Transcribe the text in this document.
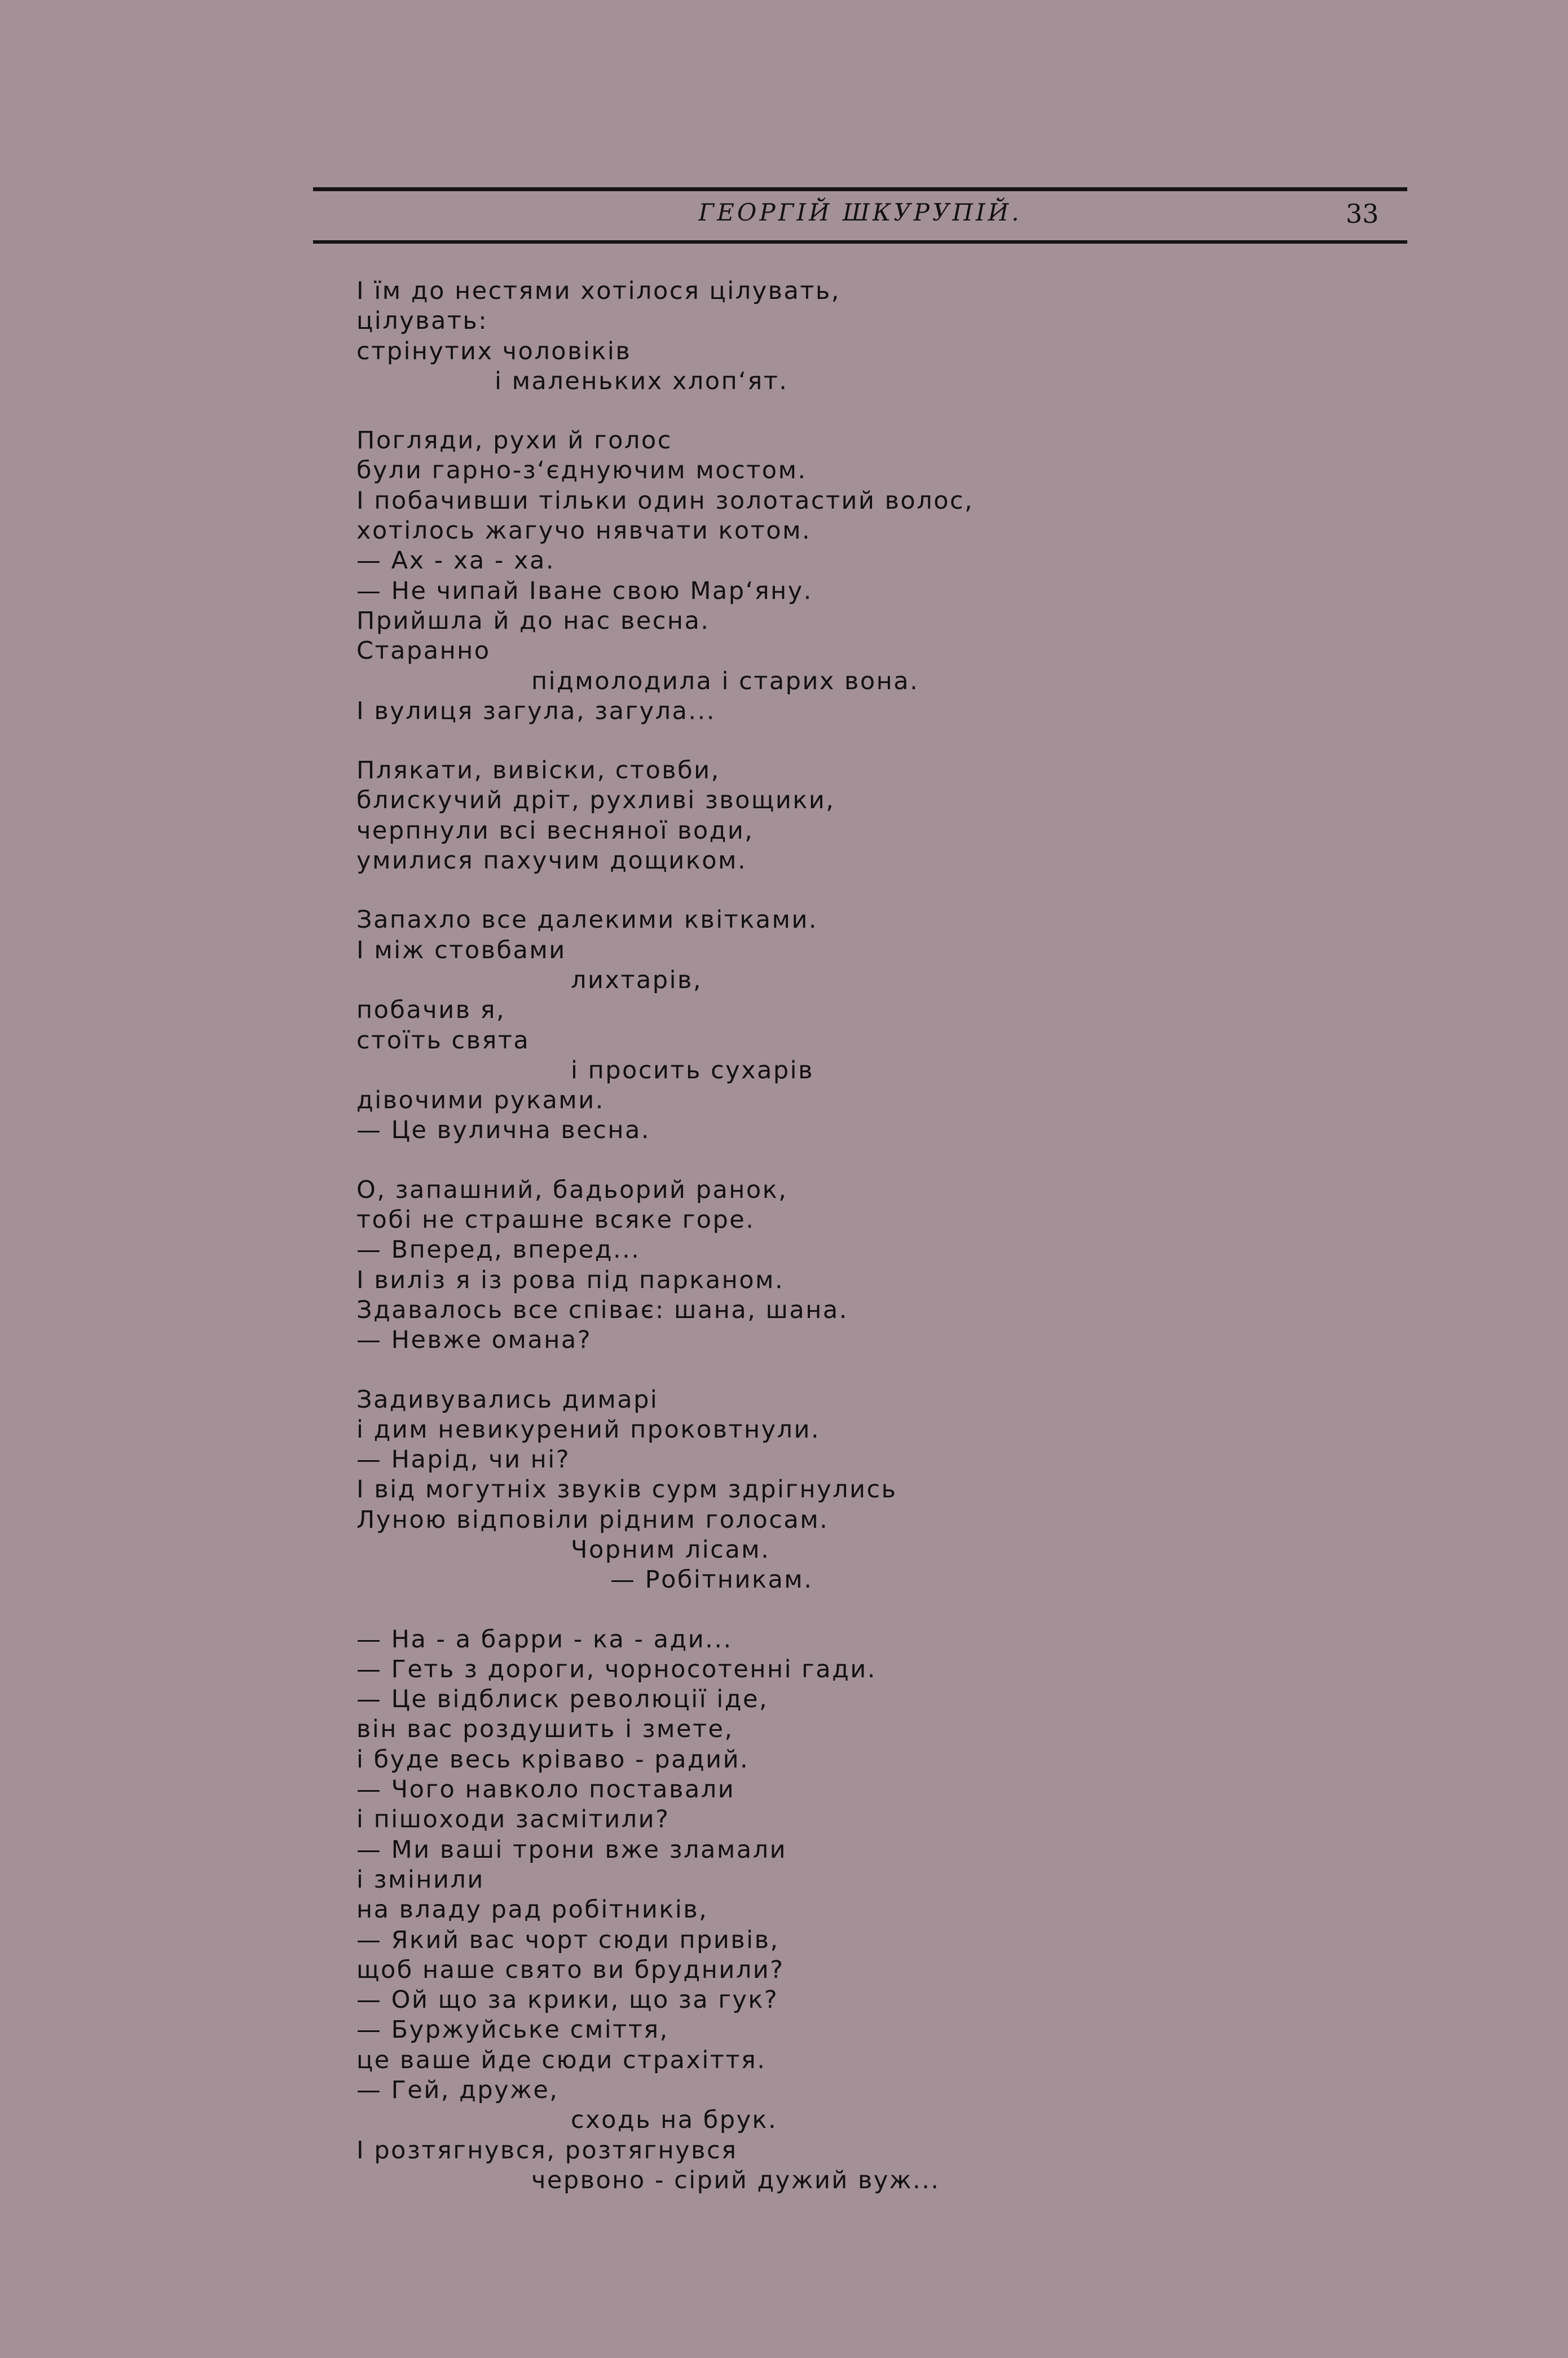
ГЕОРГІЙ ШКУРУПІЙ.	33
І їм до нестями хотілося цілувать,
цілувать:
стрінутих чоловіків
і маленьких хлоп‘ят.
Погляди, рухи й голос
були гарно-з‘єднуючим мостом.
І побачивши тільки один золотастий волос,
хотілось жагучо нявчати котом.
— Ах - ха - ха.
— Не чипай Іване свою Мар‘яну.
Прийшла й до нас весна.
Старанно
підмолодила і старих вона.
І вулиця загула, загула...
Плякати, вивіски, стовби,
блискучий дріт, рухливі звощики,
черпнули всі весняної води,
умилися пахучим дощиком.
Запахло все далекими квітками.
І між стовбами
лихтарів,
побачив я,
стоїть свята
і просить сухарів
дівочими руками.
— Це вулична весна.
О, запашний, бадьорий ранок,
тобі не страшне всяке горе.
— Вперед, вперед...
І виліз я із рова під парканом.
Здавалось все співає: шана, шана.
— Невже омана?
Задивувались димарі
і дим невикурений проковтнули.
— Нарід, чи ні?
І від могутніх звуків сурм здрігнулись
Луною відповіли рідним голосам.
Чорним лісам.
— Робітникам.
— На - а барри - ка - ади...
— Геть з дороги, чорносотенні гади.
— Це відблиск революції іде,
він вас роздушить і змете,
і буде весь кріваво - радий.
— Чого навколо поставали
і пішоходи засмітили?
— Ми ваші трони вже зламали
і змінили
на владу рад робітників,
— Який вас чорт сюди привів,
щоб наше свято ви бруднили?
— Ой що за крики, що за гук?
— Буржуйське сміття,
це ваше йде сюди страхіття.
— Гей, друже,
сходь на брук.
І розтягнувся, розтягнувся
червоно - сірий дужий вуж...
